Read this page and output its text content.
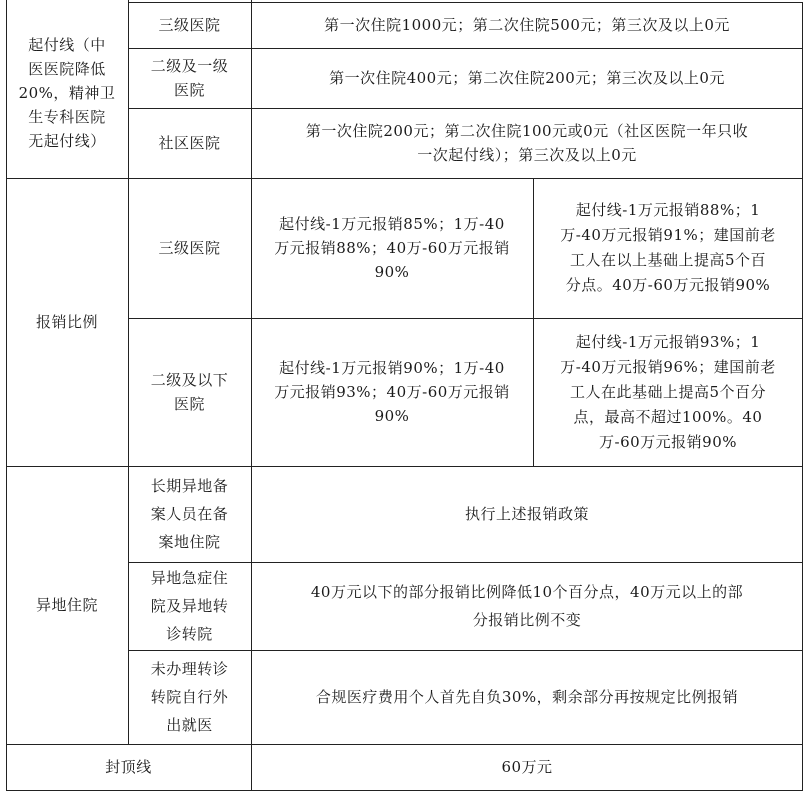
起付线（中
医医院降低
20%，精神卫
生专科医院
无起付线）
三级医院	第一次住院1000元；第二次住院500元；第三次及以上0元
二级及一级
医院
第一次住院400元；第二次住院200元；第三次及以上0元
社区医院
第一次住院200元；第二次住院100元或0元（社区医院一年只收
一次起付线）；第三次及以上0元
报销比例
三级医院
起付线-1万元报销85%；1万-40
万元报销88%；40万-60万元报销
90%
起付线-1万元报销88%；1
万-40万元报销91%；建国前老
工人在以上基础上提高5个百
分点。40万-60万元报销90%
二级及以下
医院
起付线-1万元报销90%；1万-40
万元报销93%；40万-60万元报销
90%
起付线-1万元报销93%；1
万-40万元报销96%；建国前老
工人在此基础上提高5个百分
点，最高不超过100%。40
万-60万元报销90%
异地住院
长期异地备
案人员在备
案地住院
执行上述报销政策
异地急症住
院及异地转
诊转院
40万元以下的部分报销比例降低10个百分点，40万元以上的部
分报销比例不变
未办理转诊
转院自行外
出就医
合规医疗费用个人首先自负30%，剩余部分再按规定比例报销
封顶线	60万元
